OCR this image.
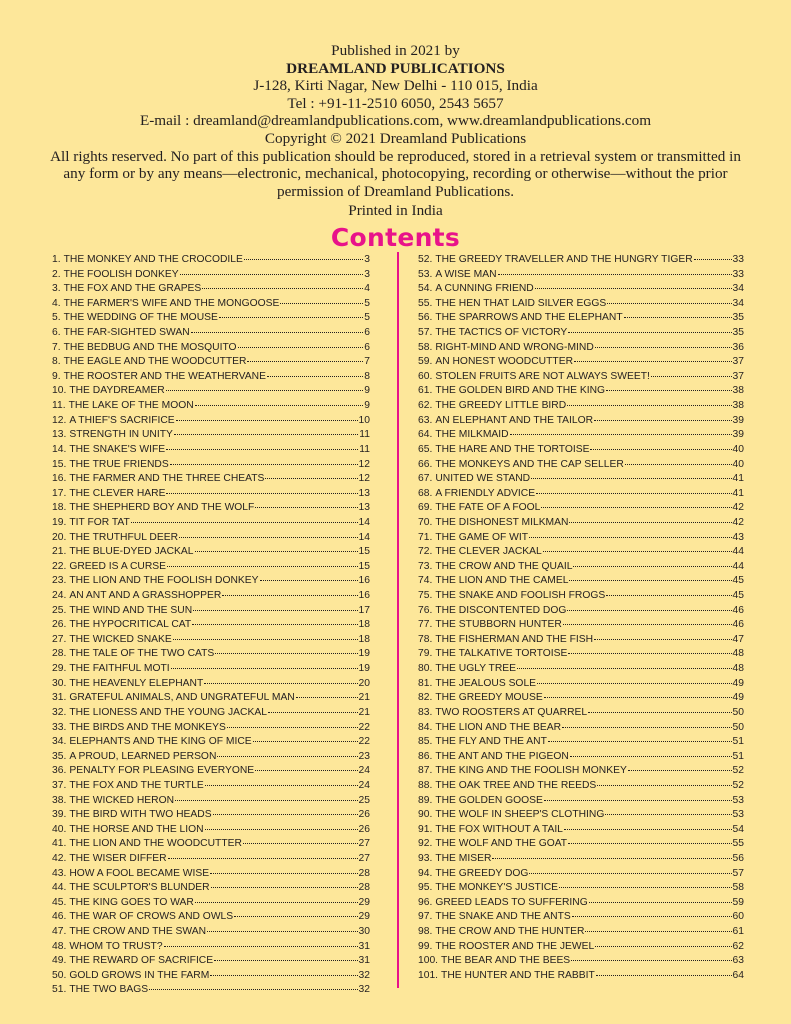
Published in 2021 by
DREAMLAND PUBLICATIONS
J-128, Kirti Nagar, New Delhi - 110 015, India
Tel : +91-11-2510 6050, 2543 5657
E-mail : dreamland@dreamlandpublications.com, www.dreamlandpublications.com
Copyright © 2021 Dreamland Publications
All rights reserved. No part of this publication should be reproduced, stored in a retrieval system or transmitted in any form or by any means—electronic, mechanical, photocopying, recording or otherwise—without the prior permission of Dreamland Publications.
Printed in India
Contents
1. THE MONKEY AND THE CROCODILE	3
2. THE FOOLISH DONKEY	3
3. THE FOX AND THE GRAPES	4
4. THE FARMER'S WIFE AND THE MONGOOSE	5
5. THE WEDDING OF THE MOUSE	5
6. THE FAR-SIGHTED SWAN	6
7. THE BEDBUG AND THE MOSQUITO	6
8. THE EAGLE AND THE WOODCUTTER	7
9. THE ROOSTER AND THE WEATHERVANE	8
10. THE DAYDREAMER	9
11. THE LAKE OF THE MOON	9
12. A THIEF'S SACRIFICE	10
13. STRENGTH IN UNITY	11
14. THE SNAKE'S WIFE	11
15. THE TRUE FRIENDS	12
16. THE FARMER AND THE THREE CHEATS	12
17. THE CLEVER HARE	13
18. THE SHEPHERD BOY AND THE WOLF	13
19. TIT FOR TAT	14
20. THE TRUTHFUL DEER	14
21. THE BLUE-DYED JACKAL	15
22. GREED IS A CURSE	15
23. THE LION AND THE FOOLISH DONKEY	16
24. AN ANT AND A GRASSHOPPER	16
25. THE WIND AND THE SUN	17
26. THE HYPOCRITICAL CAT	18
27. THE WICKED SNAKE	18
28. THE TALE OF THE TWO CATS	19
29. THE FAITHFUL MOTI	19
30. THE HEAVENLY ELEPHANT	20
31. GRATEFUL ANIMALS, AND UNGRATEFUL MAN	21
32. THE LIONESS AND THE YOUNG JACKAL	21
33. THE BIRDS AND THE MONKEYS	22
34. ELEPHANTS AND THE KING OF MICE	22
35. A PROUD, LEARNED PERSON	23
36. PENALTY FOR PLEASING EVERYONE	24
37. THE FOX AND THE TURTLE	24
38. THE WICKED HERON	25
39. THE BIRD WITH TWO HEADS	26
40. THE HORSE AND THE LION	26
41. THE LION AND THE WOODCUTTER	27
42. THE WISER DIFFER	27
43. HOW A FOOL BECAME WISE	28
44. THE SCULPTOR'S BLUNDER	28
45. THE KING GOES TO WAR	29
46. THE WAR OF CROWS AND OWLS	29
47. THE CROW AND THE SWAN	30
48. WHOM TO TRUST?	31
49. THE REWARD OF SACRIFICE	31
50. GOLD GROWS IN THE FARM	32
51. THE TWO BAGS	32
52. THE GREEDY TRAVELLER AND THE HUNGRY TIGER	33
53. A WISE MAN	33
54. A CUNNING FRIEND	34
55. THE HEN THAT LAID SILVER EGGS	34
56. THE SPARROWS AND THE ELEPHANT	35
57. THE TACTICS OF VICTORY	35
58. RIGHT-MIND AND WRONG-MIND	36
59. AN HONEST WOODCUTTER	37
60. STOLEN FRUITS ARE NOT ALWAYS SWEET!	37
61. THE GOLDEN BIRD AND THE KING	38
62. THE GREEDY LITTLE BIRD	38
63. AN ELEPHANT AND THE TAILOR	39
64. THE MILKMAID	39
65. THE HARE AND THE TORTOISE	40
66. THE MONKEYS AND THE CAP SELLER	40
67. UNITED WE STAND	41
68. A FRIENDLY ADVICE	41
69. THE FATE OF A FOOL	42
70. THE DISHONEST MILKMAN	42
71. THE GAME OF WIT	43
72. THE CLEVER JACKAL	44
73. THE CROW AND THE QUAIL	44
74. THE LION AND THE CAMEL	45
75. THE SNAKE AND FOOLISH FROGS	45
76. THE DISCONTENTED DOG	46
77. THE STUBBORN HUNTER	46
78. THE FISHERMAN AND THE FISH	47
79. THE TALKATIVE TORTOISE	48
80. THE UGLY TREE	48
81. THE JEALOUS SOLE	49
82. THE GREEDY MOUSE	49
83. TWO ROOSTERS AT QUARREL	50
84. THE LION AND THE BEAR	50
85. THE FLY AND THE ANT	51
86. THE ANT AND THE PIGEON	51
87. THE KING AND THE FOOLISH MONKEY	52
88. THE OAK TREE AND THE REEDS	52
89. THE GOLDEN GOOSE	53
90. THE WOLF IN SHEEP'S CLOTHING	53
91. THE FOX WITHOUT A TAIL	54
92. THE WOLF AND THE GOAT	55
93. THE MISER	56
94. THE GREEDY DOG	57
95. THE MONKEY'S JUSTICE	58
96. GREED LEADS TO SUFFERING	59
97. THE SNAKE AND THE ANTS	60
98. THE CROW AND THE HUNTER	61
99. THE ROOSTER AND THE JEWEL	62
100. THE BEAR AND THE BEES	63
101. THE HUNTER AND THE RABBIT	64
